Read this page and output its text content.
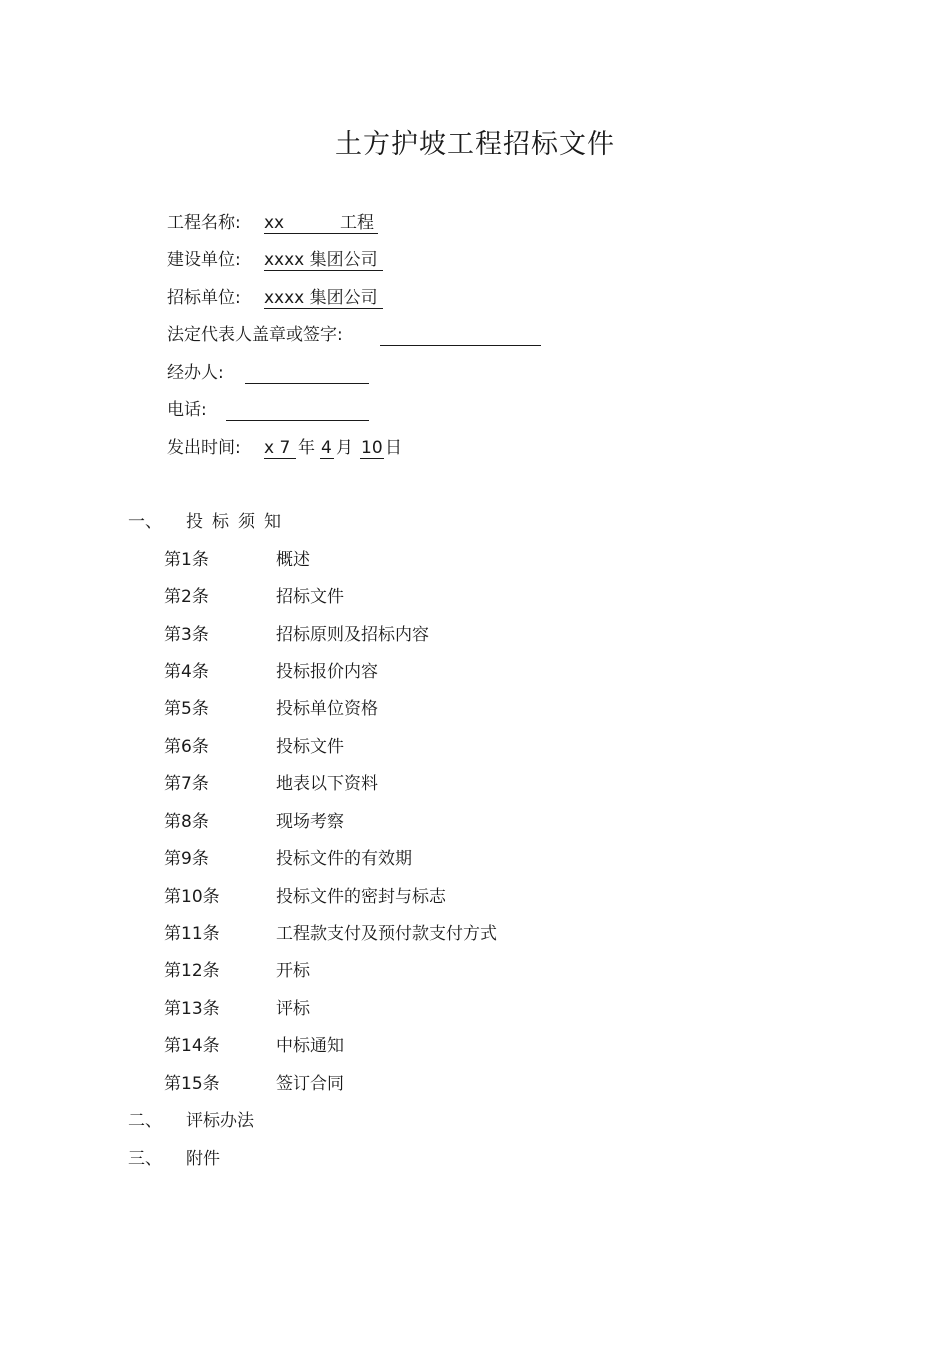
土方护坡工程招标文件
工程名称: xx	工程
建设单位: xxxx 集团公司
招标单位: xxxx 集团公司
法定代表人盖章或签字:
经办人:
电话:
发出时间: x 7 年 4 月 10 日
一、 投标须知
第1条	概述
第2条	招标文件
第3条	招标原则及招标内容
第4条	投标报价内容
第5条	投标单位资格
第6条	投标文件
第7条	地表以下资料
第8条	现场考察
第9条	投标文件的有效期
第10条	投标文件的密封与标志
第11条	工程款支付及预付款支付方式
第12条	开标
第13条	评标
第14条	中标通知
第15条	签订合同
二、 评标办法
三、 附件
